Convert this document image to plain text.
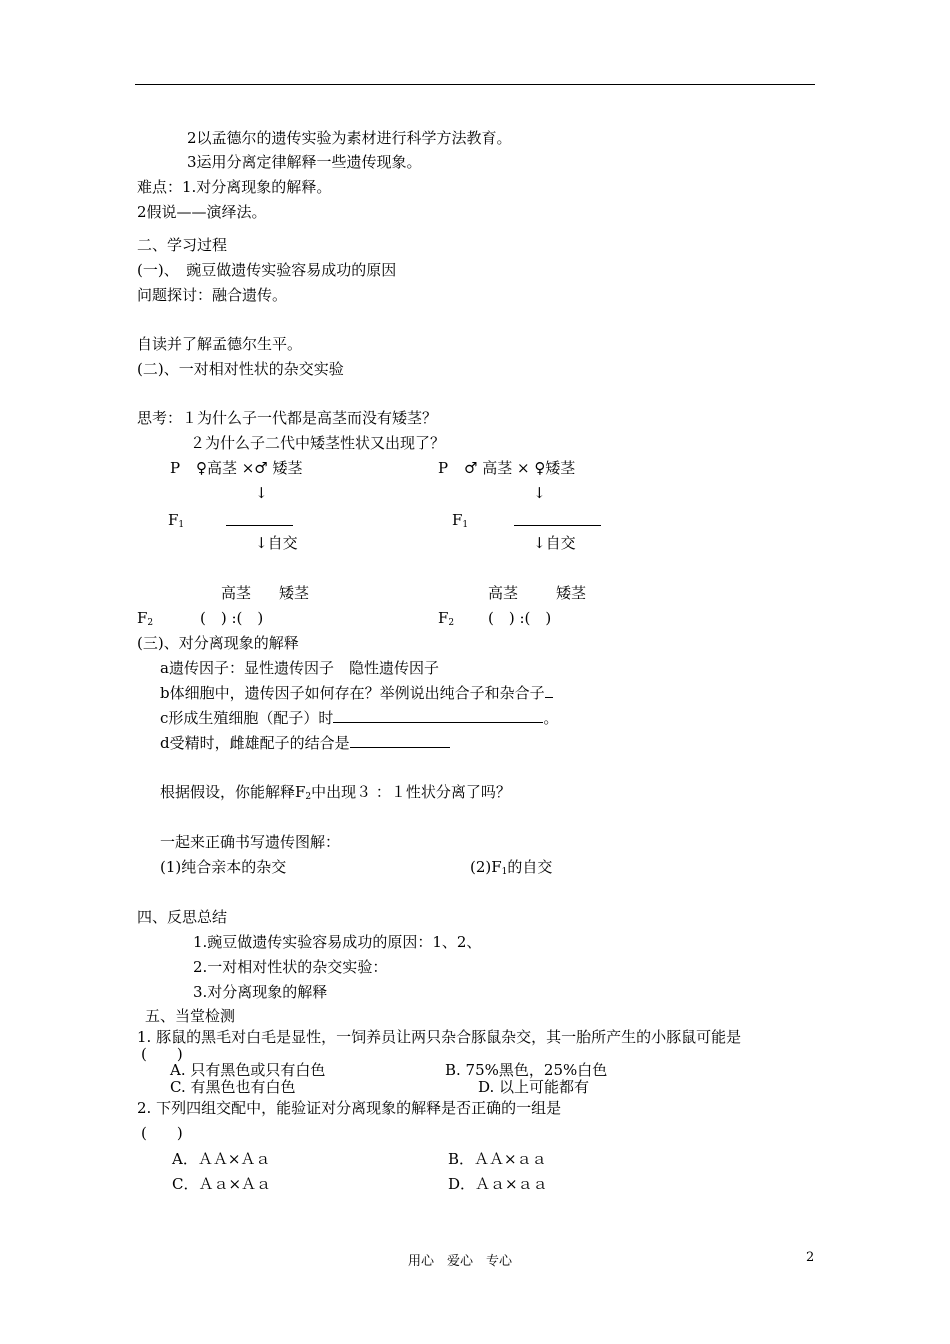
2以孟德尔的遗传实验为素材进行科学方法教育。
3运用分离定律解释一些遗传现象。
难点：1.对分离现象的解释。
2假说——演绎法。
二、学习过程
(一)、　豌豆做遗传实验容易成功的原因
问题探讨：融合遗传。
自读并了解孟德尔生平。
(二)、一对相对性状的杂交实验
思考：１为什么子一代都是高茎而没有矮茎？
２为什么子二代中矮茎性状又出现了？
P ♀高茎 ×♂ 矮茎
↓
$F_1$
↓自交
高茎 矮茎
$F_2$	(　) :(　)
P ♂ 高茎 × ♀矮茎
↓
$F_1$
↓自交
高茎	矮茎
$F_2$ (　) :(　)
(三)、对分离现象的解释
a遗传因子：显性遗传因子　隐性遗传因子
b体细胞中，遗传因子如何存在？举例说出纯合子和杂合子
c形成生殖细胞（配子）时	。
d受精时，雌雄配子的结合是
根据假设，你能解释$F_2$中出现３ ：１性状分离了吗？
一起来正确书写遗传图解：
(1)纯合亲本的杂交	$(2)F_1$的自交
四、反思总结
1.豌豆做遗传实验容易成功的原因：1、2、
2.一对相对性状的杂交实验：
3.对分离现象的解释
五、当堂检测
1. 豚鼠的黑毛对白毛是显性，一饲养员让两只杂合豚鼠杂交，其一胎所产生的小豚鼠可能是
(　　)
A. 只有黑色或只有白色	B. 75%黑色，25%白色
C. 有黑色也有白色	D. 以上可能都有
2. 下列四组交配中，能验证对分离现象的解释是否正确的一组是
(　　)
A．ＡＡ×Ａａ	B．ＡＡ×ａａ
C．Ａａ×Ａａ	D．Ａａ×ａａ
用心　爱心　专心	2
